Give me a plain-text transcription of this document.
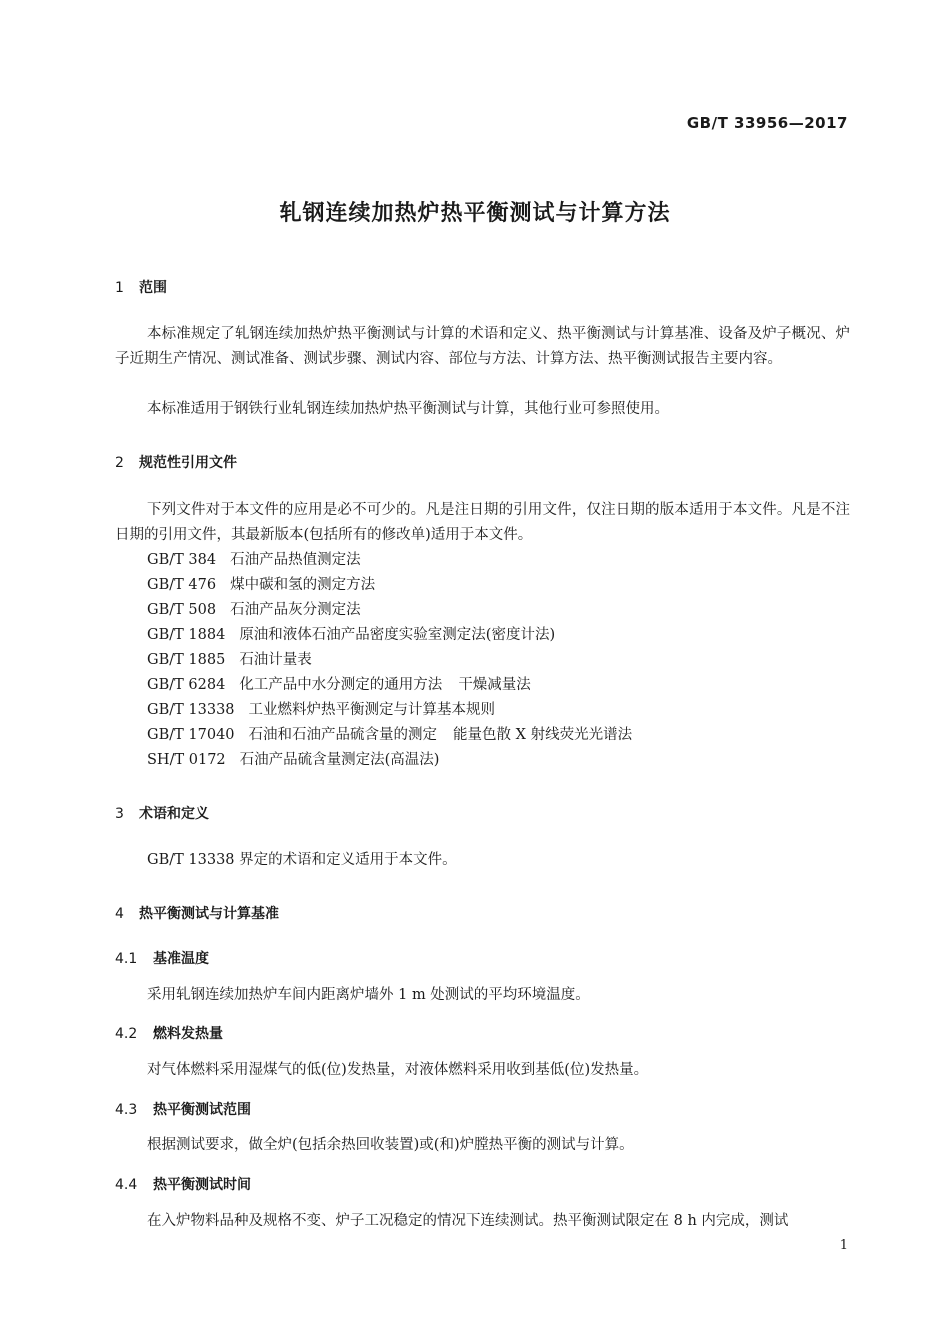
GB/T 33956—2017
轧钢连续加热炉热平衡测试与计算方法
1 范围
本标准规定了轧钢连续加热炉热平衡测试与计算的术语和定义、热平衡测试与计算基准、设备及炉子概况、炉子近期生产情况、测试准备、测试步骤、测试内容、部位与方法、计算方法、热平衡测试报告主要内容。
本标准适用于钢铁行业轧钢连续加热炉热平衡测试与计算，其他行业可参照使用。
2 规范性引用文件
下列文件对于本文件的应用是必不可少的。凡是注日期的引用文件，仅注日期的版本适用于本文件。凡是不注日期的引用文件，其最新版本(包括所有的修改单)适用于本文件。
GB/T 384 石油产品热值测定法
GB/T 476 煤中碳和氢的测定方法
GB/T 508 石油产品灰分测定法
GB/T 1884 原油和液体石油产品密度实验室测定法(密度计法)
GB/T 1885 石油计量表
GB/T 6284 化工产品中水分测定的通用方法 干燥减量法
GB/T 13338 工业燃料炉热平衡测定与计算基本规则
GB/T 17040 石油和石油产品硫含量的测定 能量色散 X 射线荧光光谱法
SH/T 0172 石油产品硫含量测定法(高温法)
3 术语和定义
GB/T 13338 界定的术语和定义适用于本文件。
4 热平衡测试与计算基准
4.1 基准温度
采用轧钢连续加热炉车间内距离炉墙外 1 m 处测试的平均环境温度。
4.2 燃料发热量
对气体燃料采用湿煤气的低(位)发热量，对液体燃料采用收到基低(位)发热量。
4.3 热平衡测试范围
根据测试要求，做全炉(包括余热回收装置)或(和)炉膛热平衡的测试与计算。
4.4 热平衡测试时间
在入炉物料品种及规格不变、炉子工况稳定的情况下连续测试。热平衡测试限定在 8 h 内完成，测试
1
